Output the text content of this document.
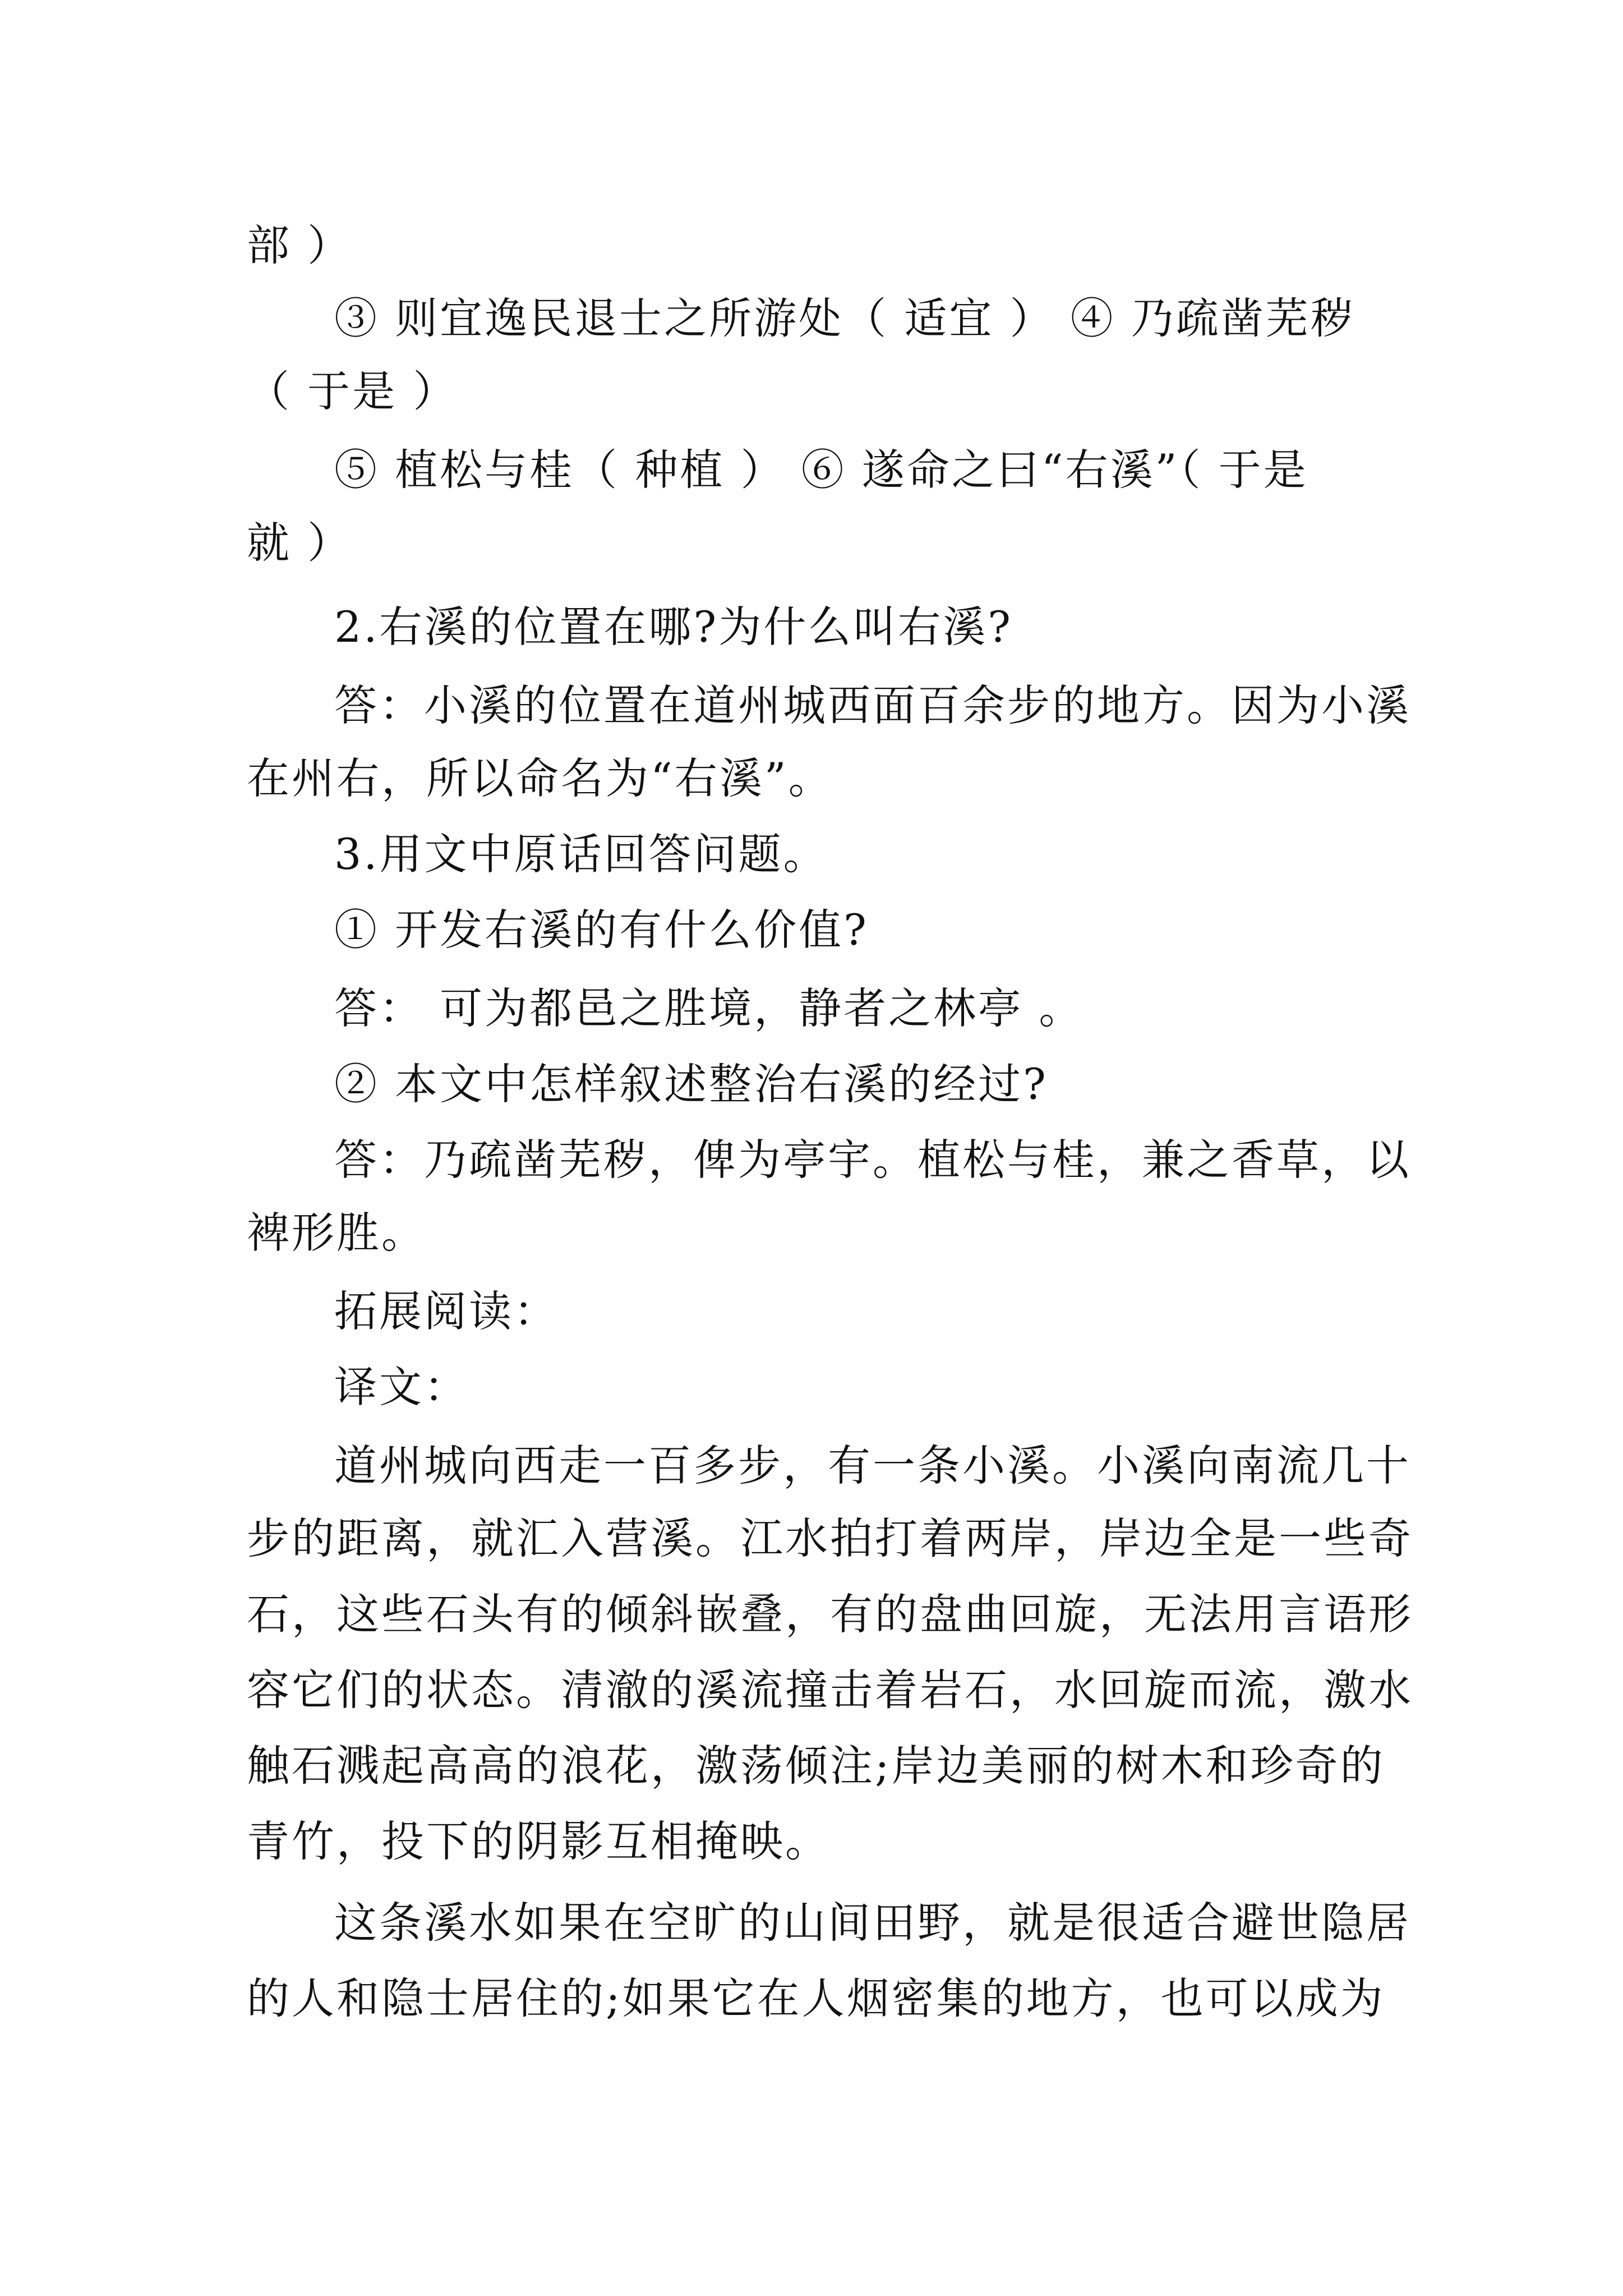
部 ）
③ 则宜逸民退士之所游处（ 适宜 ） ④ 乃疏凿芜秽
（ 于是 ）
⑤ 植松与桂（ 种植 ） ⑥ 遂命之曰“右溪”（ 于是
就 ）
2.右溪的位置在哪?为什么叫右溪?
答：小溪的位置在道州城西面百余步的地方。因为小溪
在州右，所以命名为“右溪”。
3.用文中原话回答问题。
① 开发右溪的有什么价值?
答： 可为都邑之胜境，静者之林亭 。
② 本文中怎样叙述整治右溪的经过?
答：乃疏凿芜秽，俾为亭宇。植松与桂，兼之香草，以
裨形胜。
拓展阅读：
译文：
道州城向西走一百多步，有一条小溪。小溪向南流几十
步的距离，就汇入营溪。江水拍打着两岸，岸边全是一些奇
石，这些石头有的倾斜嵌叠，有的盘曲回旋，无法用言语形
容它们的状态。清澈的溪流撞击着岩石，水回旋而流，激水
触石溅起高高的浪花，激荡倾注;岸边美丽的树木和珍奇的
青竹，投下的阴影互相掩映。
这条溪水如果在空旷的山间田野，就是很适合避世隐居
的人和隐士居住的;如果它在人烟密集的地方，也可以成为
